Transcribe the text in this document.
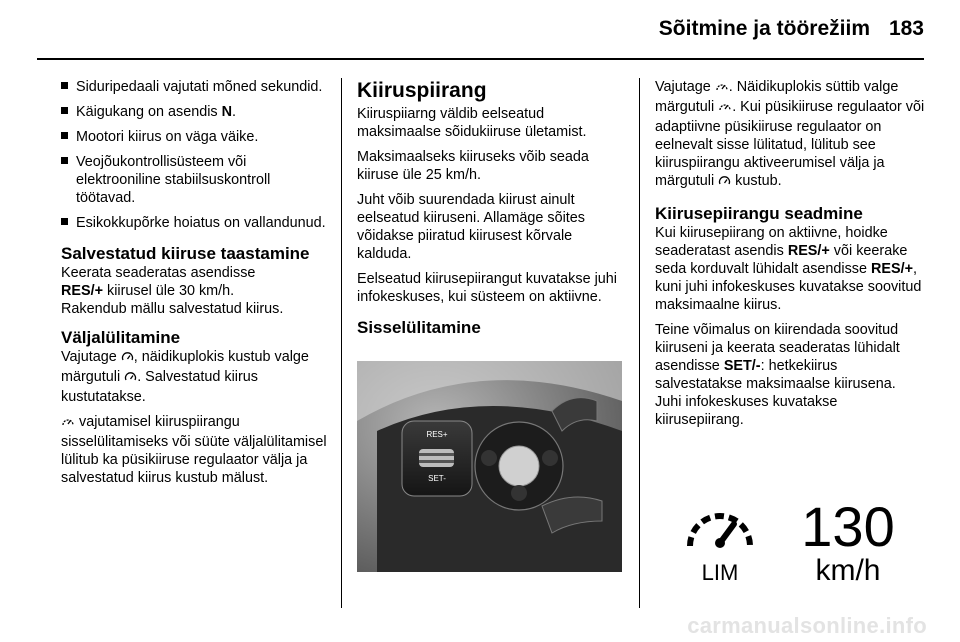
Sõitmine ja töörežiim 183
Siduripedaali vajutati mõned sekundid.
Käigukang on asendis N.
Mootori kiirus on väga väike.
Veojõukontrollisüsteem või elektrooniline stabiilsuskontroll töötavad.
Esikokkupõrke hoiatus on vallandunud.
Salvestatud kiiruse taastamine

Keerata seaderatas asendisse
RES/+ kiirusel üle 30 km/h.
Rakendub mällu salvestatud kiirus.

Väljalülitamine

Vajutage , näidikuplokis kustub valge märgutuli . Salvestatud kiirus kustutatakse.

vajutamisel kiiruspiirangu sisselülitamiseks või süüte väljalülitamisel lülitub ka püsikiiruse regulaator välja ja salvestatud kiirus kustub mälust.

Kiiruspiirang

Kiiruspiiarng väldib eelseatud maksimaalse sõidukiiruse ületamist.

Maksimaalseks kiiruseks võib seada kiiruse üle 25 km/h.

Juht võib suurendada kiirust ainult eelseatud kiiruseni. Allamäge sõites võidakse piiratud kiirusest kõrvale kalduda.

Eelseatud kiirusepiirangut kuvatakse juhi infokeskuses, kui süsteem on aktiivne.

Sisselülitamine
RES+
SET-

Vajutage . Näidikuplokis süttib valge märgutuli . Kui püsikiiruse regulaator või adaptiivne püsikiiruse regulaator on eelnevalt sisse lülitatud, lülitub see kiiruspiirangu aktiveerumisel välja ja märgutuli  kustub.

Kiirusepiirangu seadmine

Kui kiirusepiirang on aktiivne, hoidke seaderatast asendis RES/+ või keerake seda korduvalt lühidalt asendisse RES/+, kuni juhi infokeskuses kuvatakse soovitud maksimaalne kiirus.

Teine võimalus on kiirendada soovitud kiiruseni ja keerata seaderatas lühidalt asendisse SET/-: hetkekiirus salvestatakse maksimaalse kiirusena. Juhi infokeskuses kuvatakse kiirusepiirang.

LIM
130
km/h
carmanualsonline.info
